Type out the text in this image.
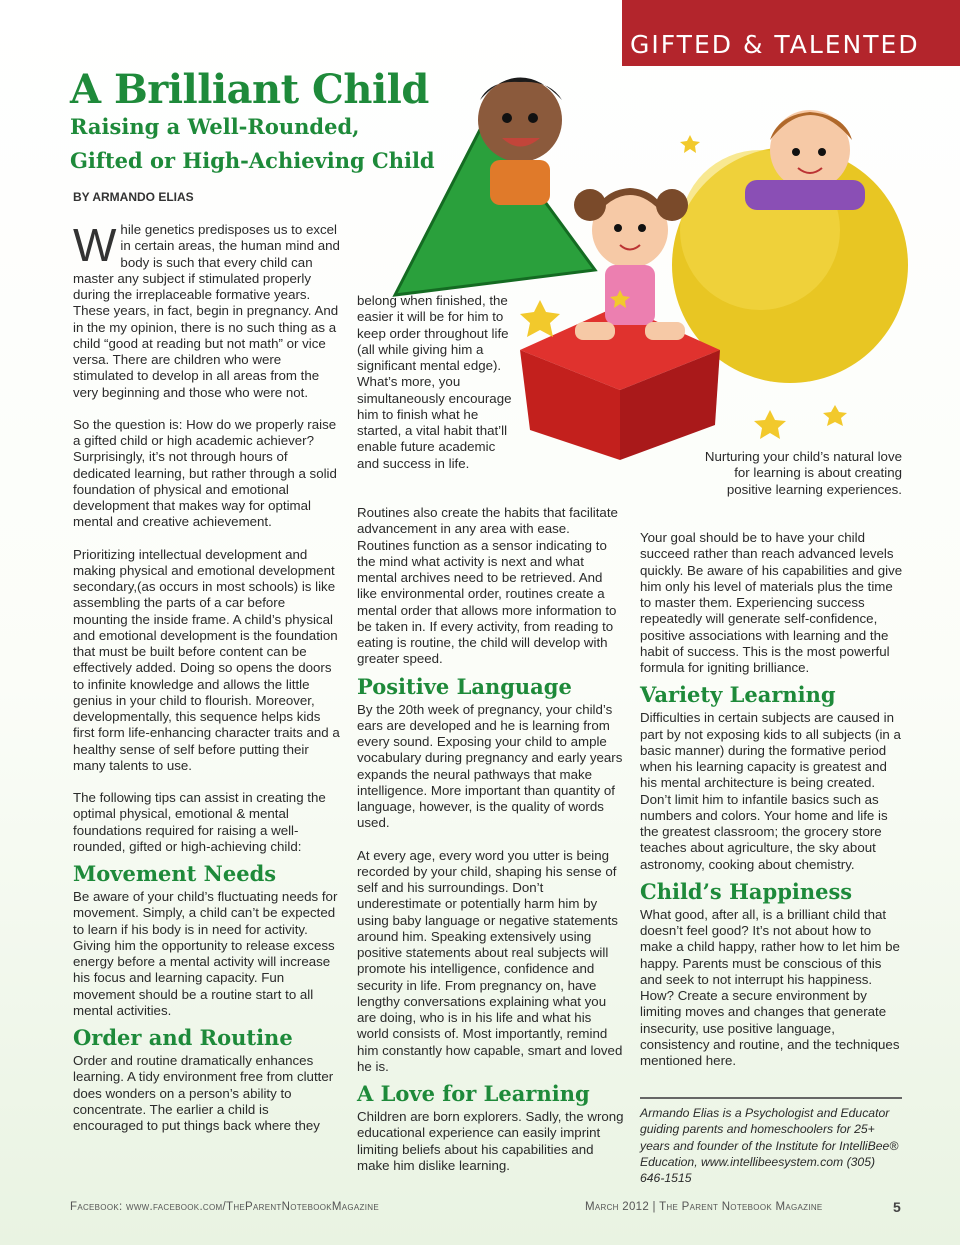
GIFTED & TALENTED
A Brilliant Child
Raising a Well-Rounded,
Gifted or High-Achieving Child
BY ARMANDO ELIAS

While genetics predisposes us to excel in certain areas, the human mind and body is such that every child can master any subject if stimulated properly during the irreplaceable formative years. These years, in fact, begin in pregnancy. And in the my opinion, there is no such thing as a child “good at reading but not math” or vice versa. There are children who were stimulated to develop in all areas from the very beginning and those who were not.

So the question is: How do we properly raise a gifted child or high academic achiever? Surprisingly, it’s not through hours of dedicated learning, but rather through a solid foundation of physical and emotional development that makes way for optimal mental and creative achievement.

Prioritizing intellectual development and making physical and emotional development secondary,(as occurs in most schools) is like assembling the parts of a car before mounting the inside frame. A child’s physical and emotional development is the foundation that must be built before content can be effectively added. Doing so opens the doors to infinite knowledge and allows the little genius in your child to flourish. Moreover, developmentally, this sequence helps kids first form life-enhancing character traits and a healthy sense of self before putting their many talents to use.

The following tips can assist in creating the optimal physical, emotional & mental foundations required for raising a well-rounded, gifted or high-achieving child:

Movement Needs

Be aware of your child’s fluctuating needs for movement. Simply, a child can’t be expected to learn if his body is in need for activity. Giving him the opportunity to release excess energy before a mental activity will increase his focus and learning capacity. Fun movement should be a routine start to all mental activities.

Order and Routine

Order and routine dramatically enhances learning. A tidy environment free from clutter does wonders on a person’s ability to concentrate. The earlier a child is encouraged to put things back where they

belong when finished, the easier it will be for him to keep order throughout life (all while giving him a significant mental edge). What’s more, you simultaneously encourage him to finish what he started, a vital habit that’ll enable future academic and success in life.

Routines also create the habits that facilitate advancement in any area with ease. Routines function as a sensor indicating to the mind what activity is next and what mental archives need to be retrieved. And like environmental order, routines create a mental order that allows more information to be taken in. If every activity, from reading to eating is routine, the child will develop with greater speed.

Positive Language

By the 20th week of pregnancy, your child’s ears are developed and he is learning from every sound. Exposing your child to ample vocabulary during pregnancy and early years expands the neural pathways that make intelligence. More important than quantity of language, however, is the quality of words used.

At every age, every word you utter is being recorded by your child, shaping his sense of self and his surroundings. Don’t underestimate or potentially harm him by using baby language or negative statements around him. Speaking extensively using positive statements about real subjects will promote his intelligence, confidence and security in life. From pregnancy on, have lengthy conversations explaining what you are doing, who is in his life and what his world consists of. Most importantly, remind him constantly how capable, smart and loved he is.

A Love for Learning

Children are born explorers. Sadly, the wrong educational experience can easily imprint limiting beliefs about his capabilities and make him dislike learning.

Nurturing your child’s natural love for learning is about creating positive learning experiences.

Your goal should be to have your child succeed rather than reach advanced levels quickly. Be aware of his capabilities and give him only his level of materials plus the time to master them. Experiencing success repeatedly will generate self-confidence, positive associations with learning and the habit of success. This is the most powerful formula for igniting brilliance.

Variety Learning

Difficulties in certain subjects are caused in part by not exposing kids to all subjects (in a basic manner) during the formative period when his learning capacity is greatest and his mental architecture is being created. Don’t limit him to infantile basics such as numbers and colors. Your home and life is the greatest classroom; the grocery store teaches about agriculture, the sky about astronomy, cooking about chemistry.

Child’s Happiness

What good, after all, is a brilliant child that doesn’t feel good? It’s not about how to make a child happy, rather how to let him be happy. Parents must be conscious of this and seek to not interrupt his happiness. How? Create a secure environment by limiting moves and changes that generate insecurity, use positive language, consistency and routine, and the techniques mentioned here.

Armando Elias is a Psychologist and Educator guiding parents and homeschoolers for 25+ years and founder of the Institute for IntelliBee® Education, www.intellibeesystem.com (305) 646-1515
Facebook: www.facebook.com/TheParentNotebookMagazine	March 2012 | The Parent Notebook Magazine	5
